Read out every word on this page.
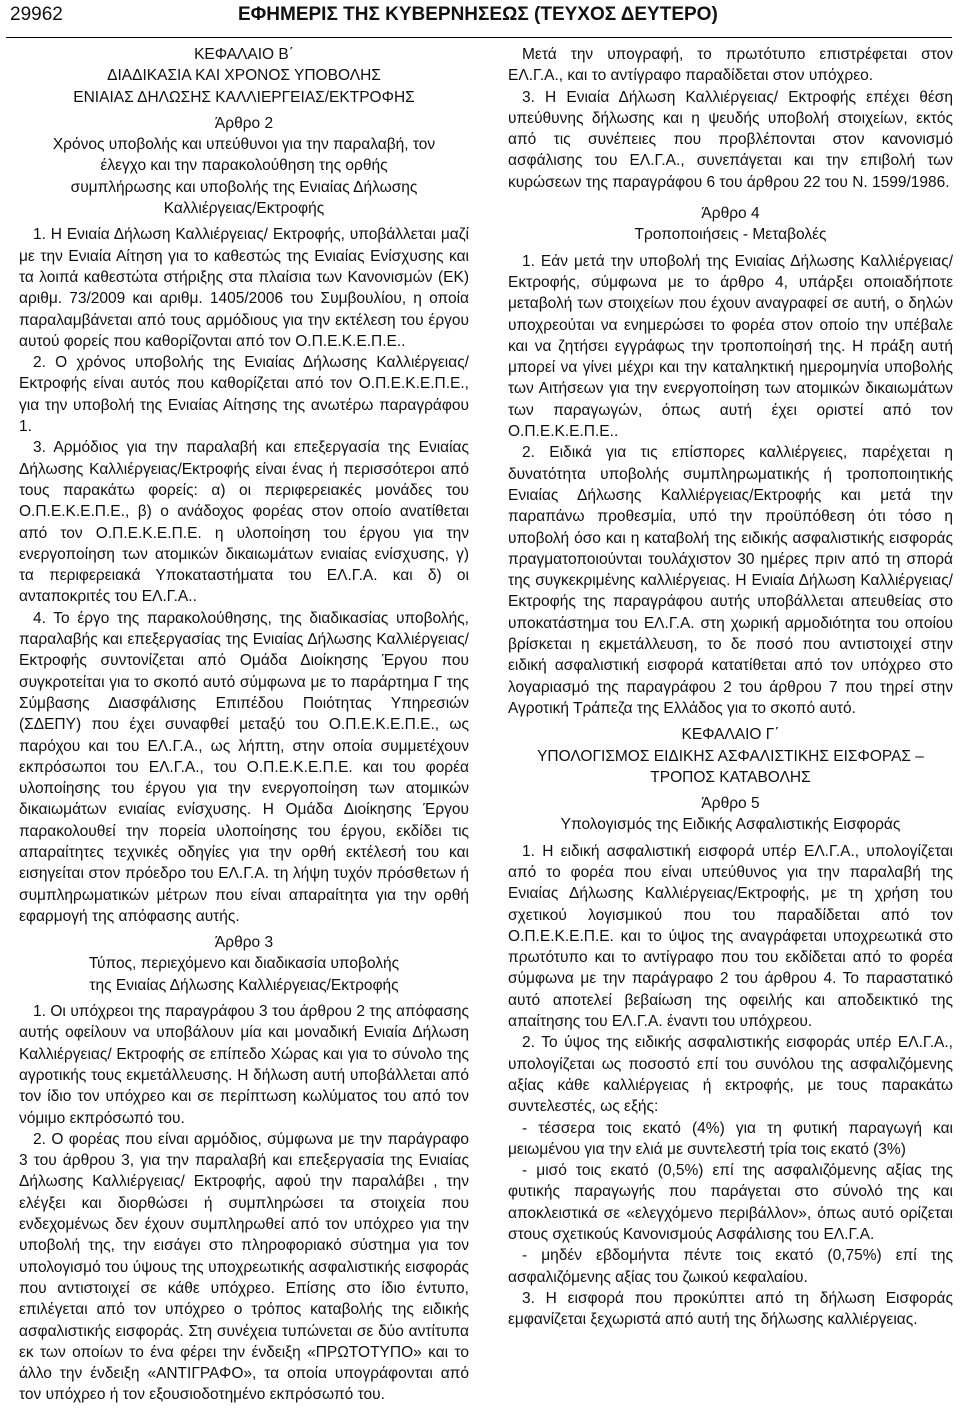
29962	ΕΦΗΜΕΡΙΣ ΤΗΣ ΚΥΒΕΡΝΗΣΕΩΣ (ΤΕΥΧΟΣ ΔΕΥΤΕΡΟ)
ΚΕΦΑΛΑΙΟ Β΄
ΔΙΑΔΙΚΑΣΙΑ ΚΑΙ ΧΡΟΝΟΣ ΥΠΟΒΟΛΗΣ
ΕΝΙΑΙΑΣ ΔΗΛΩΣΗΣ ΚΑΛΛΙΕΡΓΕΙΑΣ/ΕΚΤΡΟΦΗΣ
Άρθρο 2
Χρόνος υποβολής και υπεύθυνοι για την παραλαβή, τον
έλεγχο και την παρακολούθηση της ορθής
συμπλήρωσης και υποβολής της Ενιαίας Δήλωσης
Καλλιέργειας/Εκτροφής

1. Η Ενιαία Δήλωση Καλλιέργειας/ Εκτροφής, υποβάλλεται μαζί με την Ενιαία Αίτηση για το καθεστώς της Ενιαίας Ενίσχυσης και τα λοιπά καθεστώτα στήριξης στα πλαίσια των Κανονισμών (ΕΚ) αριθμ. 73/2009 και αριθμ. 1405/2006 του Συμβουλίου, η οποία παραλαμβάνεται από τους αρμόδιους για την εκτέλεση του έργου αυτού φορείς που καθορίζονται από τον Ο.Π.Ε.Κ.Ε.Π.Ε..

2. Ο χρόνος υποβολής της Ενιαίας Δήλωσης Καλλιέργειας/Εκτροφής είναι αυτός που καθορίζεται από τον Ο.Π.Ε.Κ.Ε.Π.Ε., για την υποβολή της Ενιαίας Αίτησης της ανωτέρω παραγράφου 1.

3. Αρμόδιος για την παραλαβή και επεξεργασία της Ενιαίας Δήλωσης Καλλιέργειας/Εκτροφής είναι ένας ή περισσότεροι από τους παρακάτω φορείς: α) οι περιφερειακές μονάδες του Ο.Π.Ε.Κ.Ε.Π.Ε., β) ο ανάδοχος φορέας στον οποίο ανατίθεται από τον Ο.Π.Ε.Κ.Ε.Π.Ε. η υλοποίηση του έργου για την ενεργοποίηση των ατομικών δικαιωμάτων ενιαίας ενίσχυσης, γ) τα περιφερειακά Υποκαταστήματα του ΕΛ.Γ.Α. και δ) οι ανταποκριτές του ΕΛ.Γ.Α..

4. Το έργο της παρακολούθησης, της διαδικασίας υποβολής, παραλαβής και επεξεργασίας της Ενιαίας Δήλωσης Καλλιέργειας/Εκτροφής συντονίζεται από Ομάδα Διοίκησης Έργου που συγκροτείται για το σκοπό αυτό σύμφωνα με το παράρτημα Γ της Σύμβασης Διασφάλισης Επιπέδου Ποιότητας Υπηρεσιών (ΣΔΕΠΥ) που έχει συναφθεί μεταξύ του Ο.Π.Ε.Κ.Ε.Π.Ε., ως παρόχου και του ΕΛ.Γ.Α., ως λήπτη, στην οποία συμμετέχουν εκπρόσωποι του ΕΛ.Γ.Α., του Ο.Π.Ε.Κ.Ε.Π.Ε. και του φορέα υλοποίησης του έργου για την ενεργοποίηση των ατομικών δικαιωμάτων ενιαίας ενίσχυσης. Η Ομάδα Διοίκησης Έργου παρακολουθεί την πορεία υλοποίησης του έργου, εκδίδει τις απαραίτητες τεχνικές οδηγίες για την ορθή εκτέλεσή του και εισηγείται στον πρόεδρο του ΕΛ.Γ.Α. τη λήψη τυχόν πρόσθετων ή συμπληρωματικών μέτρων που είναι απαραίτητα για την ορθή εφαρμογή της απόφασης αυτής.

Άρθρο 3
Τύπος, περιεχόμενο και διαδικασία υποβολής
της Ενιαίας Δήλωσης Καλλιέργειας/Εκτροφής

1. Οι υπόχρεοι της παραγράφου 3 του άρθρου 2 της απόφασης αυτής οφείλουν να υποβάλουν μία και μοναδική Ενιαία Δήλωση Καλλιέργειας/ Εκτροφής σε επίπεδο Χώρας και για το σύνολο της αγροτικής τους εκμετάλλευσης. Η δήλωση αυτή υποβάλλεται από τον ίδιο τον υπόχρεο και σε περίπτωση κωλύματος του από τον νόμιμο εκπρόσωπό του.

2. Ο φορέας που είναι αρμόδιος, σύμφωνα με την παράγραφο 3 του άρθρου 3, για την παραλαβή και επεξεργασία της Ενιαίας Δήλωσης Καλλιέργειας/ Εκτροφής, αφού την παραλάβει , την ελέγξει και διορθώσει ή συμπληρώσει τα στοιχεία που ενδεχομένως δεν έχουν συμπληρωθεί από τον υπόχρεο για την υποβολή της, την εισάγει στο πληροφοριακό σύστημα για τον υπολογισμό του ύψους της υποχρεωτικής ασφαλιστικής εισφοράς που αντιστοιχεί σε κάθε υπόχρεο. Επίσης στο ίδιο έντυπο, επιλέγεται από τον υπόχρεο ο τρόπος καταβολής της ειδικής ασφαλιστικής εισφοράς. Στη συνέχεια τυπώνεται σε δύο αντίτυπα εκ των οποίων το ένα φέρει την ένδειξη «ΠΡΩΤΟΤΥΠΟ» και το άλλο την ένδειξη «ΑΝΤΙΓΡΑΦΟ», τα οποία υπογράφονται από τον υπόχρεο ή τον εξουσιοδοτημένο εκπρόσωπό του.

Μετά την υπογραφή, το πρωτότυπο επιστρέφεται στον ΕΛ.Γ.Α., και το αντίγραφο παραδίδεται στον υπόχρεο.

3. Η Ενιαία Δήλωση Καλλιέργειας/ Εκτροφής επέχει θέση υπεύθυνης δήλωσης και η ψευδής υποβολή στοιχείων, εκτός από τις συνέπειες που προβλέπονται στον κανονισμό ασφάλισης του ΕΛ.Γ.Α., συνεπάγεται και την επιβολή των κυρώσεων της παραγράφου 6 του άρθρου 22 του Ν. 1599/1986.

Άρθρο 4
Τροποποιήσεις - Μεταβολές

1. Εάν μετά την υποβολή της Ενιαίας Δήλωσης Καλλιέργειας/ Εκτροφής, σύμφωνα με το άρθρο 4, υπάρξει οποιαδήποτε μεταβολή των στοιχείων που έχουν αναγραφεί σε αυτή, ο δηλών υποχρεούται να ενημερώσει το φορέα στον οποίο την υπέβαλε και να ζητήσει εγγράφως την τροποποίησή της. Η πράξη αυτή μπορεί να γίνει μέχρι και την καταληκτική ημερομηνία υποβολής των Αιτήσεων για την ενεργοποίηση των ατομικών δικαιωμάτων των παραγωγών, όπως αυτή έχει οριστεί από τον Ο.Π.Ε.Κ.Ε.Π.Ε..

2. Ειδικά για τις επίσπορες καλλιέργειες, παρέχεται η δυνατότητα υποβολής συμπληρωματικής ή τροποποιητικής Ενιαίας Δήλωσης Καλλιέργειας/Εκτροφής και μετά την παραπάνω προθεσμία, υπό την προϋπόθεση ότι τόσο η υποβολή όσο και η καταβολή της ειδικής ασφαλιστικής εισφοράς πραγματοποιούνται τουλάχιστον 30 ημέρες πριν από τη σπορά της συγκεκριμένης καλλιέργειας. Η Ενιαία Δήλωση Καλλιέργειας/Εκτροφής της παραγράφου αυτής υποβάλλεται απευθείας στο υποκατάστημα του ΕΛ.Γ.Α. στη χωρική αρμοδιότητα του οποίου βρίσκεται η εκμετάλλευση, το δε ποσό που αντιστοιχεί στην ειδική ασφαλιστική εισφορά κατατίθεται από τον υπόχρεο στο λογαριασμό της παραγράφου 2 του άρθρου 7 που τηρεί στην Αγροτική Τράπεζα της Ελλάδος για το σκοπό αυτό.

ΚΕΦΑΛΑΙΟ Γ΄
ΥΠΟΛΟΓΙΣΜΟΣ ΕΙΔΙΚΗΣ ΑΣΦΑΛΙΣΤΙΚΗΣ ΕΙΣΦΟΡΑΣ –
ΤΡΟΠΟΣ ΚΑΤΑΒΟΛΗΣ
Άρθρο 5
Υπολογισμός της Ειδικής Ασφαλιστικής Εισφοράς

1. Η ειδική ασφαλιστική εισφορά υπέρ ΕΛ.Γ.Α., υπολογίζεται από το φορέα που είναι υπεύθυνος για την παραλαβή της Ενιαίας Δήλωσης Καλλιέργειας/Εκτροφής, με τη χρήση του σχετικού λογισμικού που του παραδίδεται από τον Ο.Π.Ε.Κ.Ε.Π.Ε. και το ύψος της αναγράφεται υποχρεωτικά στο πρωτότυπο και το αντίγραφο που του εκδίδεται από το φορέα σύμφωνα με την παράγραφο 2 του άρθρου 4. Το παραστατικό αυτό αποτελεί βεβαίωση της οφειλής και αποδεικτικό της απαίτησης του ΕΛ.Γ.Α. έναντι του υπόχρεου.

2. Το ύψος της ειδικής ασφαλιστικής εισφοράς υπέρ ΕΛ.Γ.Α., υπολογίζεται ως ποσοστό επί του συνόλου της ασφαλιζόμενης αξίας κάθε καλλιέργειας ή εκτροφής, με τους παρακάτω συντελεστές, ως εξής:

- τέσσερα τοις εκατό (4%) για τη φυτική παραγωγή και μειωμένου για την ελιά με συντελεστή τρία τοις εκατό (3%)

- μισό τοις εκατό (0,5%) επί της ασφαλιζόμενης αξίας της φυτικής παραγωγής που παράγεται στο σύνολό της και αποκλειστικά σε «ελεγχόμενο περιβάλλον», όπως αυτό ορίζεται στους σχετικούς Κανονισμούς Ασφάλισης του ΕΛ.Γ.Α.

- μηδέν εβδομήντα πέντε τοις εκατό (0,75%) επί της ασφαλιζόμενης αξίας του ζωικού κεφαλαίου.

3. Η εισφορά που προκύπτει από τη δήλωση Εισφοράς εμφανίζεται ξεχωριστά από αυτή της δήλωσης καλλιέργειας.
